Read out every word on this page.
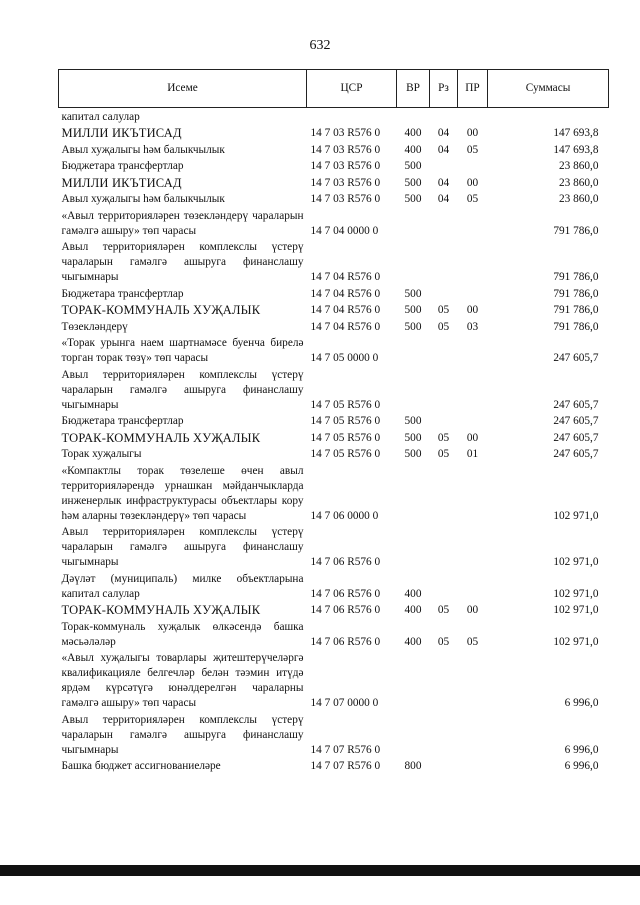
632
Исеме	ЦСР	ВР	Рз	ПР	Суммасы
капитал салулар					
МИЛЛИ ИКЪТИСАД	14 7 03 R576 0	400	04	00	147 693,8
Авыл хуҗалыгы һәм балыкчылык	14 7 03 R576 0	400	04	05	147 693,8
Бюджетара трансфертлар	14 7 03 R576 0	500			23 860,0
МИЛЛИ ИКЪТИСАД	14 7 03 R576 0	500	04	00	23 860,0
Авыл хуҗалыгы һәм балыкчылык	14 7 03 R576 0	500	04	05	23 860,0
«Авыл территорияләрен төзекләндерү чараларын гамәлгә ашыру» төп чарасы	14 7 04 0000 0				791 786,0
Авыл территорияләрен комплекслы үстерү чараларын гамәлгә ашыруга финанслашу чыгымнары	14 7 04 R576 0				791 786,0
Бюджетара трансфертлар	14 7 04 R576 0	500			791 786,0
ТОРАК-КОММУНАЛЬ ХУҖАЛЫК	14 7 04 R576 0	500	05	00	791 786,0
Төзекләндерү	14 7 04 R576 0	500	05	03	791 786,0
«Торак урынга наем шартнамәсе буенча бирелә торган торак төзү» төп чарасы	14 7 05 0000 0				247 605,7
Авыл территорияләрен комплекслы үстерү чараларын гамәлгә ашыруга финанслашу чыгымнары	14 7 05 R576 0				247 605,7
Бюджетара трансфертлар	14 7 05 R576 0	500			247 605,7
ТОРАК-КОММУНАЛЬ ХУҖАЛЫК	14 7 05 R576 0	500	05	00	247 605,7
Торак хуҗалыгы	14 7 05 R576 0	500	05	01	247 605,7
«Компактлы торак төзелеше өчен авыл территорияләрендә урнашкан мәйданчыкларда инженерлык инфраструктурасы объектлары кору һәм аларны төзекләндерү» төп чарасы	14 7 06 0000 0				102 971,0
Авыл территорияләрен комплекслы үстерү чараларын гамәлгә ашыруга финанслашу чыгымнары	14 7 06 R576 0				102 971,0
Дәүләт (муниципаль) милке объектларына капитал салулар	14 7 06 R576 0	400			102 971,0
ТОРАК-КОММУНАЛЬ ХУҖАЛЫК	14 7 06 R576 0	400	05	00	102 971,0
Торак-коммуналь хуҗалык өлкәсендә башка мәсьәләләр	14 7 06 R576 0	400	05	05	102 971,0
«Авыл хуҗалыгы товарлары җитештерүчеләргә квалификацияле белгечләр белән тәэмин итүдә ярдәм күрсәтүгә юнәлдерелгән чараларны гамәлгә ашыру» төп чарасы	14 7 07 0000 0				6 996,0
Авыл территорияләрен комплекслы үстерү чараларын гамәлгә ашыруга финанслашу чыгымнары	14 7 07 R576 0				6 996,0
Башка бюджет ассигнованиеләре	14 7 07 R576 0	800			6 996,0
